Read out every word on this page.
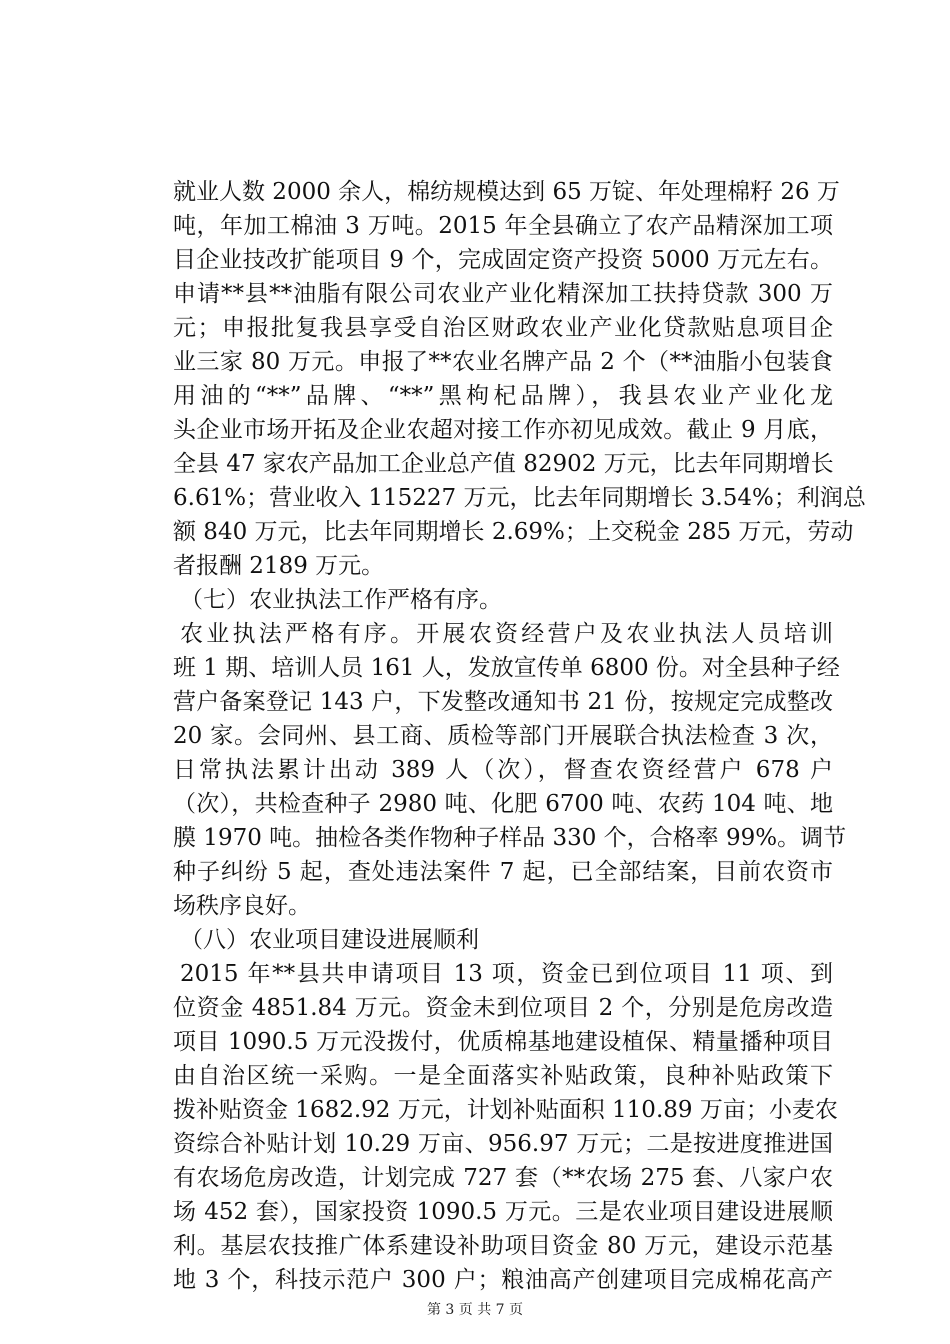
就业人数 2000 余人，棉纺规模达到 65 万锭、年处理棉籽 26 万
吨，年加工棉油 3 万吨。2015 年全县确立了农产品精深加工项
目企业技改扩能项目 9 个，完成固定资产投资 5000 万元左右。
申请**县**油脂有限公司农业产业化精深加工扶持贷款 300 万
元；申报批复我县享受自治区财政农业产业化贷款贴息项目企
业三家 80 万元。申报了**农业名牌产品 2 个（**油脂小包装食
用油的“**”品牌、“**”黑枸杞品牌），我县农业产业化龙
头企业市场开拓及企业农超对接工作亦初见成效。截止 9 月底，
全县 47 家农产品加工企业总产值 82902 万元，比去年同期增长
6.61%；营业收入 115227 万元，比去年同期增长 3.54%；利润总
额 840 万元，比去年同期增长 2.69%；上交税金 285 万元，劳动
者报酬 2189 万元。
（七）农业执法工作严格有序。
农业执法严格有序。开展农资经营户及农业执法人员培训
班 1 期、培训人员 161 人，发放宣传单 6800 份。对全县种子经
营户备案登记 143 户，下发整改通知书 21 份，按规定完成整改
20 家。会同州、县工商、质检等部门开展联合执法检查 3 次，
日常执法累计出动 389 人（次），督查农资经营户 678 户
（次），共检查种子 2980 吨、化肥 6700 吨、农药 104 吨、地
膜 1970 吨。抽检各类作物种子样品 330 个，合格率 99%。调节
种子纠纷 5 起，查处违法案件 7 起，已全部结案，目前农资市
场秩序良好。
（八）农业项目建设进展顺利
2015 年**县共申请项目 13 项，资金已到位项目 11 项、到
位资金 4851.84 万元。资金未到位项目 2 个，分别是危房改造
项目 1090.5 万元没拨付，优质棉基地建设植保、精量播种项目
由自治区统一采购。一是全面落实补贴政策，良种补贴政策下
拨补贴资金 1682.92 万元，计划补贴面积 110.89 万亩；小麦农
资综合补贴计划 10.29 万亩、956.97 万元；二是按进度推进国
有农场危房改造，计划完成 727 套（**农场 275 套、八家户农
场 452 套），国家投资 1090.5 万元。三是农业项目建设进展顺
利。基层农技推广体系建设补助项目资金 80 万元，建设示范基
地 3 个，科技示范户 300 户；粮油高产创建项目完成棉花高产
第 3 页 共 7 页
